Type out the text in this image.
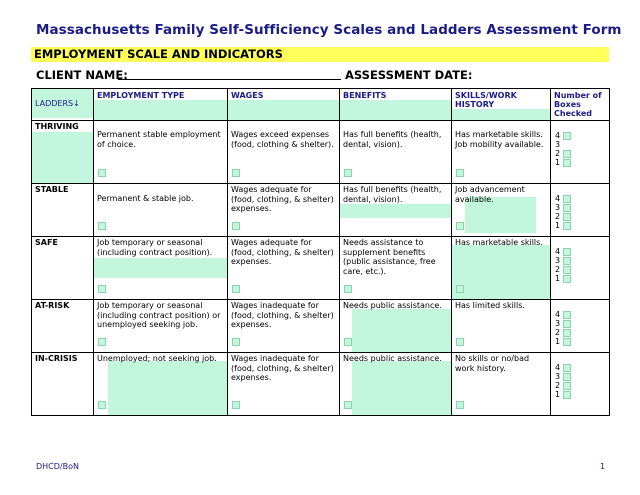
Massachusetts Family Self-Sufficiency Scales and Ladders Assessment Form
EMPLOYMENT SCALE AND INDICATORS
CLIENT NAME:	ASSESSMENT DATE:
LADDERS↓	EMPLOYMENT TYPE	WAGES	BENEFITS	SKILLS/WORK HISTORY	Number of Boxes Checked

THRIVING	Permanent stable employment of choice.	Wages exceed expenses (food, clothing & shelter).	Has full benefits (health, dental, vision).	Has marketable skills. Job mobility available.	4
3
2
1

STABLE	Permanent & stable job.	Wages adequate for (food, clothing, & shelter) expenses.	Has full benefits (health, dental, vision).	Job advancement available.	4
3
2
1

SAFE	Job temporary or seasonal (including contract position).	Wages adequate for (food, clothing, & shelter) expenses.	Needs assistance to supplement benefits (public assistance, free care, etc.).	Has marketable skills.	4
3
2
1

AT-RISK	Job temporary or seasonal (including contract position) or unemployed seeking job.	Wages inadequate for (food, clothing, & shelter) expenses.	Needs public assistance.	Has limited skills.	4
3
2
1

IN-CRISIS	Unemployed; not seeking job.	Wages inadequate for (food, clothing, & shelter) expenses.	Needs public assistance.	No skills or no/bad work history.	4
3
2
1
DHCD/BoN	1
